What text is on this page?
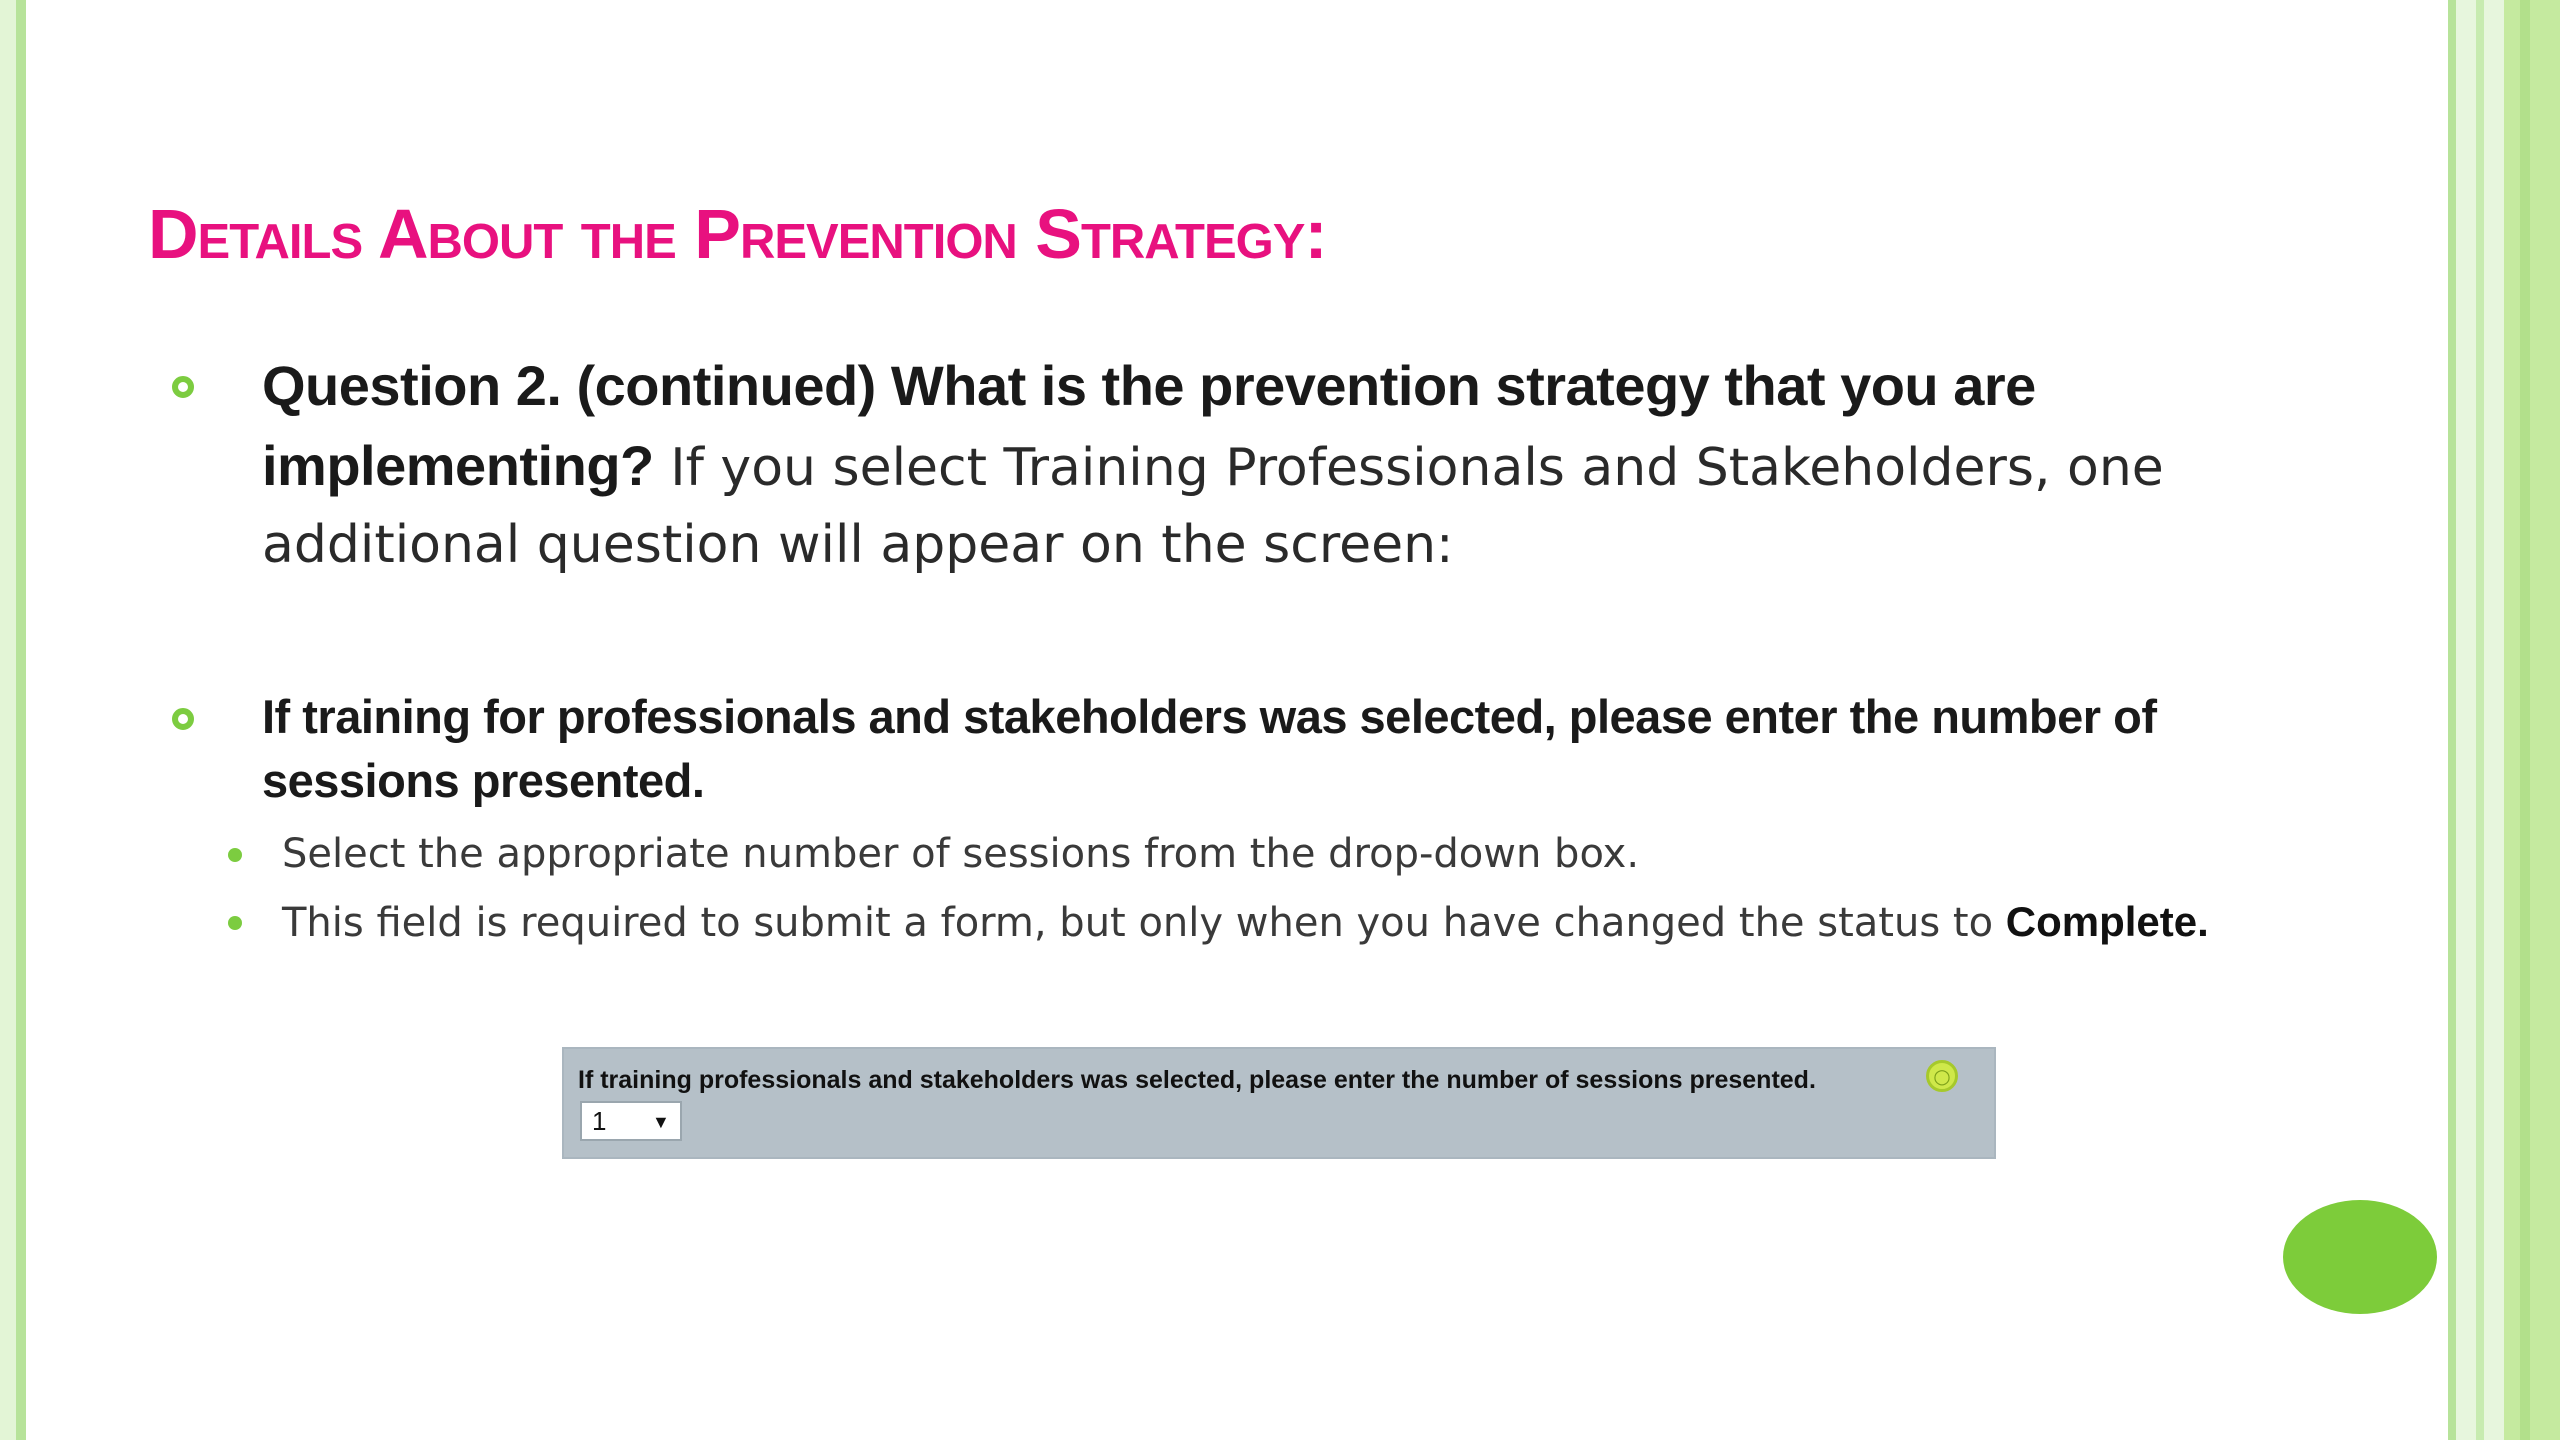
Details About the Prevention Strategy:

Question 2. (continued) What is the prevention strategy that you are implementing? If you select Training Professionals and Stakeholders, one additional question will appear on the screen:

If training for professionals and stakeholders was selected, please enter the number of sessions presented.

Select the appropriate number of sessions from the drop-down box.

This field is required to submit a form, but only when you have changed the status to Complete.

If training professionals and stakeholders was selected, please enter the number of sessions presented.	○
1	▼
